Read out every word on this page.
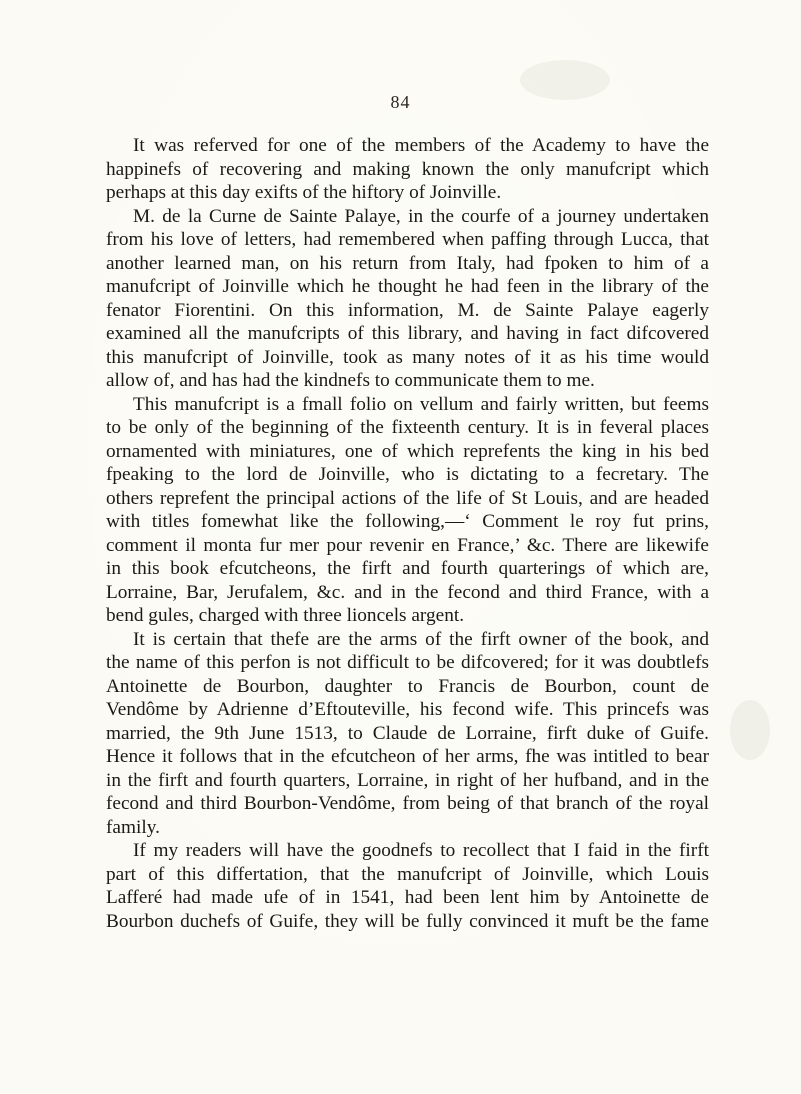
84
It was referved for one of the members of the Academy to have the
happinefs of recovering and making known the only manufcript which
perhaps at this day exifts of the hiftory of Joinville.
M. de la Curne de Sainte Palaye, in the courfe of a journey undertaken
from his love of letters, had remembered when paffing through Lucca, that
another learned man, on his return from Italy, had fpoken to him of a
manufcript of Joinville which he thought he had feen in the library of the
fenator Fiorentini. On this information, M. de Sainte Palaye eagerly
examined all the manufcripts of this library, and having in fact difcovered
this manufcript of Joinville, took as many notes of it as his time would
allow of, and has had the kindnefs to communicate them to me.
This manufcript is a fmall folio on vellum and fairly written, but feems
to be only of the beginning of the fixteenth century. It is in feveral places
ornamented with miniatures, one of which reprefents the king in his bed
fpeaking to the lord de Joinville, who is dictating to a fecretary. The
others reprefent the principal actions of the life of St Louis, and are headed
with titles fomewhat like the following,—‘ Comment le roy fut prins,
comment il monta fur mer pour revenir en France,’ &c. There are likewife
in this book efcutcheons, the firft and fourth quarterings of which are,
Lorraine, Bar, Jerufalem, &c. and in the fecond and third France, with a
bend gules, charged with three lioncels argent.
It is certain that thefe are the arms of the firft owner of the book, and
the name of this perfon is not difficult to be difcovered; for it was doubtlefs
Antoinette de Bourbon, daughter to Francis de Bourbon, count de
Vendôme by Adrienne d’Eftouteville, his fecond wife. This princefs was
married, the 9th June 1513, to Claude de Lorraine, firft duke of Guife.
Hence it follows that in the efcutcheon of her arms, fhe was intitled to bear
in the firft and fourth quarters, Lorraine, in right of her hufband, and in the
fecond and third Bourbon-Vendôme, from being of that branch of the royal
family.
If my readers will have the goodnefs to recollect that I faid in the firft
part of this differtation, that the manufcript of Joinville, which Louis
Lafferé had made ufe of in 1541, had been lent him by Antoinette de
Bourbon duchefs of Guife, they will be fully convinced it muft be the fame
